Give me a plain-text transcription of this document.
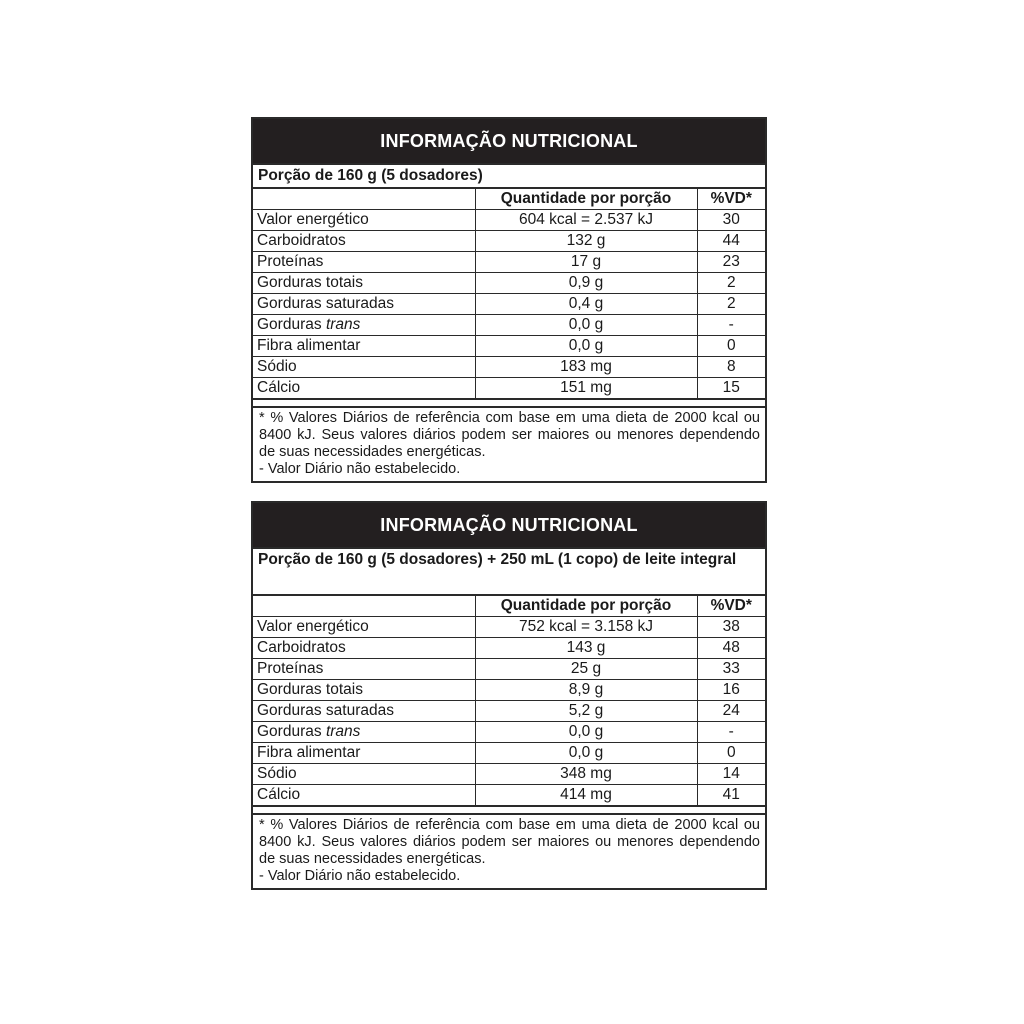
INFORMAÇÃO NUTRICIONAL
Porção de 160 g (5 dosadores)
	Quantidade por porção	%VD*
Valor energético	604 kcal = 2.537 kJ	30
Carboidratos	132 g	44
Proteínas	17 g	23
Gorduras totais	0,9 g	2
Gorduras saturadas	0,4 g	2
Gorduras trans	0,0 g	-
Fibra alimentar	0,0 g	0
Sódio	183 mg	8
Cálcio	151 mg	15

* % Valores Diários de referência com base em uma dieta de 2000 kcal ou 8400 kJ. Seus valores diários podem ser maiores ou menores dependendo de suas necessidades energéticas.

- Valor Diário não estabelecido.

INFORMAÇÃO NUTRICIONAL
Porção de 160 g (5 dosadores) + 250 mL (1 copo) de leite integral
	Quantidade por porção	%VD*
Valor energético	752 kcal = 3.158 kJ	38
Carboidratos	143 g	48
Proteínas	25 g	33
Gorduras totais	8,9 g	16
Gorduras saturadas	5,2 g	24
Gorduras trans	0,0 g	-
Fibra alimentar	0,0 g	0
Sódio	348 mg	14
Cálcio	414 mg	41

* % Valores Diários de referência com base em uma dieta de 2000 kcal ou 8400 kJ. Seus valores diários podem ser maiores ou menores dependendo de suas necessidades energéticas.

- Valor Diário não estabelecido.
